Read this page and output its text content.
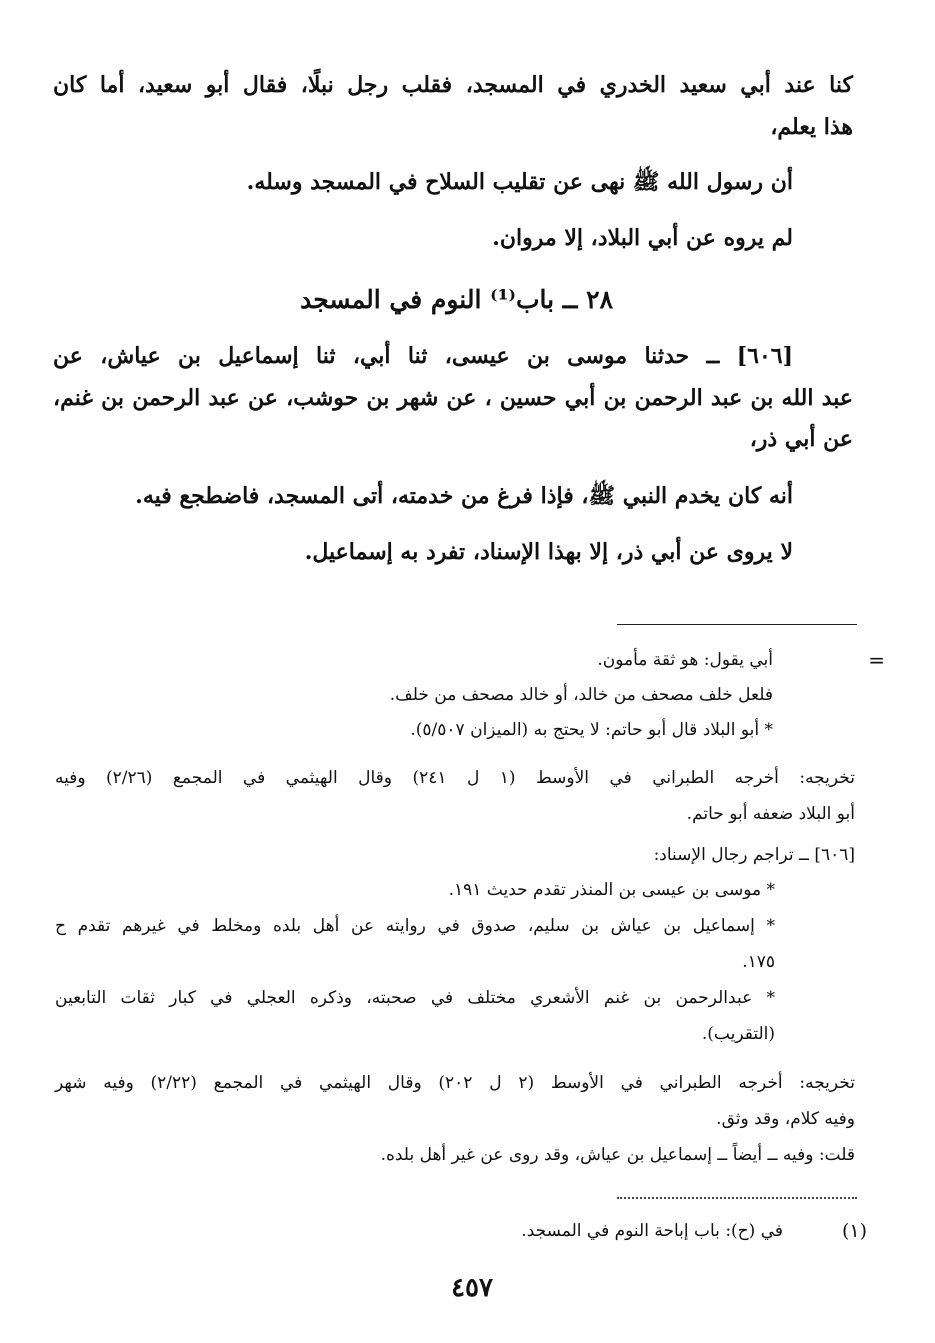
كنا عند أبي سعيد الخدري في المسجد، فقلب رجل نبلًا، فقال أبو سعيد، أما كان
هذا يعلم،
أن رسول الله ﷺ نهى عن تقليب السلاح في المسجد وسله.
لم يروه عن أبي البلاد، إلا مروان.
٢٨ ــ باب⁽¹⁾ النوم في المسجد
[٦٠٦] ــ حدثنا موسى بن عيسى، ثنا أبي، ثنا إسماعيل بن عياش، عن
عبد الله بن عبد الرحمن بن أبي حسين ، عن شهر بن حوشب، عن عبد الرحمن بن غنم،
عن أبي ذر،
أنه كان يخدم النبي ﷺ، فإذا فرغ من خدمته، أتى المسجد، فاضطجع فيه.
لا يروى عن أبي ذر، إلا بهذا الإسناد، تفرد به إسماعيل.
=
أبي يقول: هو ثقة مأمون.
فلعل خلف مصحف من خالد، أو خالد مصحف من خلف.
* أبو البلاد قال أبو حاتم: لا يحتج به (الميزان ٥/٥٠٧).
تخريجه: أخرجه الطبراني في الأوسط (١ ل ٢٤١) وقال الهيثمي في المجمع (٢/٢٦) وفيه
أبو البلاد ضعفه أبو حاتم.
[٦٠٦] ــ تراجم رجال الإسناد:
* موسى بن عيسى بن المنذر تقدم حديث ١٩١.
* إسماعيل بن عياش بن سليم، صدوق في روايته عن أهل بلده ومخلط في غيرهم تقدم ح
١٧٥.
* عبدالرحمن بن غنم الأشعري مختلف في صحبته، وذكره العجلي في كبار ثقات التابعين
(التقريب).
تخريجه: أخرجه الطبراني في الأوسط (٢ ل ٢٠٢) وقال الهيثمي في المجمع (٢/٢٢) وفيه شهر
وفيه كلام، وقد وثق.
قلت: وفيه ــ أيضاً ــ إسماعيل بن عياش، وقد روى عن غير أهل بلده.
(١)
في (ح): باب إباحة النوم في المسجد.
٤٥٧
